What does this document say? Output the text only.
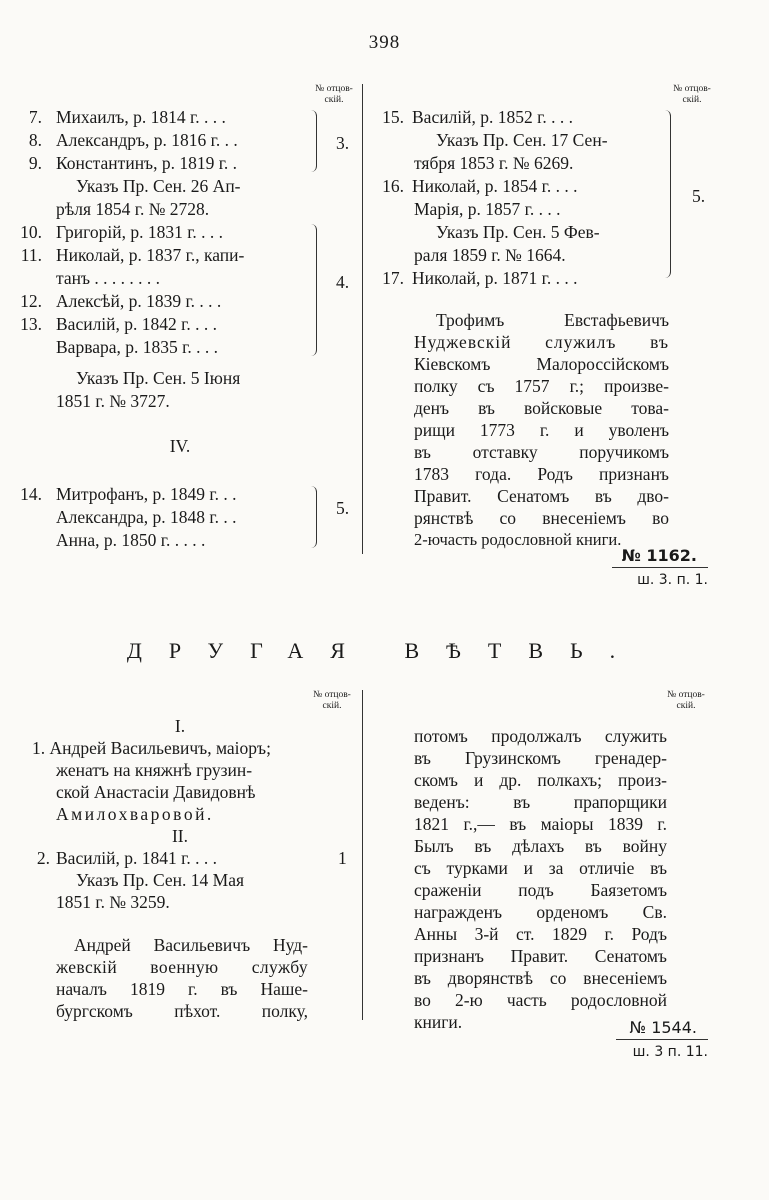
398
№ отцов-
скій.
7. Михаилъ, р. 1814 г. . . .
8. Александръ, р. 1816 г. . .
9. Константинъ, р. 1819 г. .
Указъ Пр. Сен. 26 Ап-
рѣля 1854 г. № 2728.
10. Григорій, р. 1831 г. . . .
11. Николай, р. 1837 г., капи-
танъ . . . . . . . .
12. Алексѣй, р. 1839 г. . . .
13. Василій, р. 1842 г. . . .
Варвара, р. 1835 г. . . .
Указъ Пр. Сен. 5 Іюня
1851 г. № 3727.
IV.
14. Митрофанъ, р. 1849 г. . .
Александра, р. 1848 г. . .
Анна, р. 1850 г. . . . .
3.
4.
5.
№ отцов-
скій.
15. Василій, р. 1852 г. . . .
Указъ Пр. Сен. 17 Сен-
тября 1853 г. № 6269.
16. Николай, р. 1854 г. . . .
Марія, р. 1857 г. . . .
Указъ Пр. Сен. 5 Фев-
раля 1859 г. № 1664.
17. Николай, р. 1871 г. . . .
5.
Трофимъ Евстафьевичъ
Нуджевскій служилъ въ
Кіевскомъ Малороссійскомъ
полку съ 1757 г.; произве-
денъ въ войсковые това-
рищи 1773 г. и уволенъ
въ отставку поручикомъ
1783 года. Родъ признанъ
Правит. Сенатомъ въ дво-
рянствѣ со внесеніемъ во
2-ючасть родословной книги.
№ 1162.
ш. 3. п. 1.
ДРУГАЯ ВѢТВЬ.
№ отцов-
скій.
I.
1. Андрей Васильевичъ, маіоръ;
женатъ на княжнѣ грузин-
ской Анастасіи Давидовнѣ
Амилохваровой.
II.
2. Василій, р. 1841 г. . . .	1
Указъ Пр. Сен. 14 Мая
1851 г. № 3259.
Андрей Васильевичъ Нуд-
жевскій военную службу
началъ 1819 г. въ Наше-
бургскомъ пѣхот. полку,
№ отцов-
скій.
потомъ продолжалъ служить
въ Грузинскомъ гренадер-
скомъ и др. полкахъ; произ-
веденъ: въ прапорщики
1821 г.,— въ маіоры 1839 г.
Былъ въ дѣлахъ въ войну
съ турками и за отличіе въ
сраженіи подъ Баязетомъ
награжденъ орденомъ Св.
Анны 3-й ст. 1829 г. Родъ
признанъ Правит. Сенатомъ
въ дворянствѣ со внесеніемъ
во 2-ю часть родословной
книги.	№ 1544.
ш. 3 п. 11.
